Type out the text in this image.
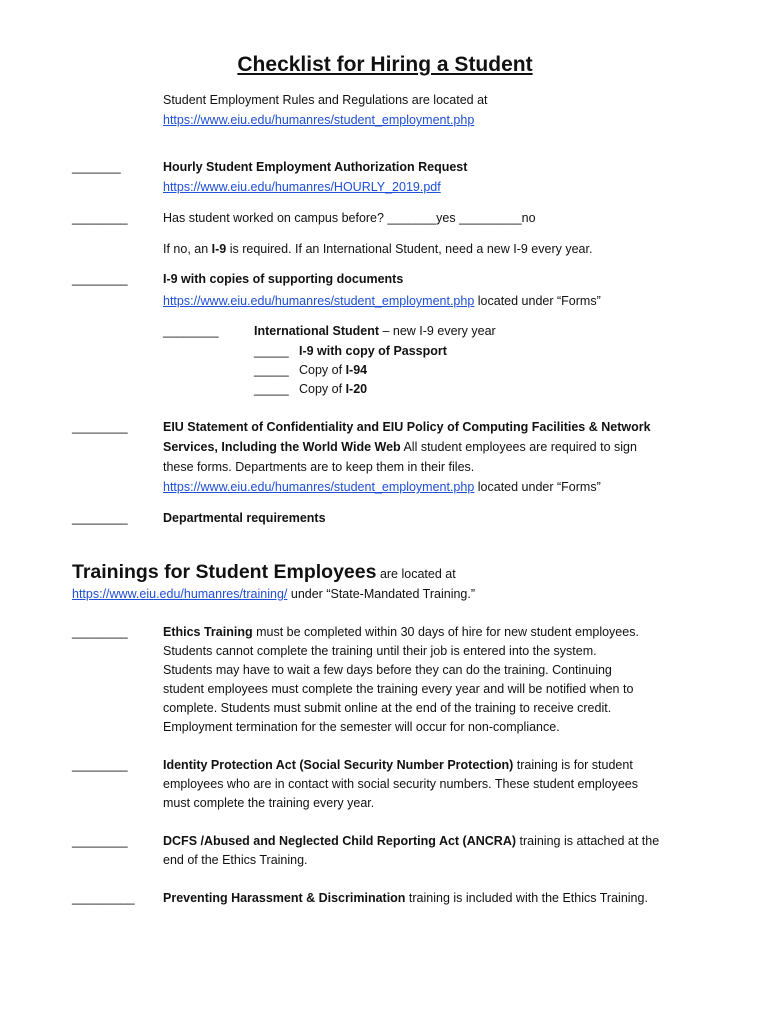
Checklist for Hiring a Student
Student Employment Rules and Regulations are located at
https://www.eiu.edu/humanres/student_employment.php
_______	Hourly Student Employment Authorization Request
https://www.eiu.edu/humanres/HOURLY_2019.pdf
________	Has student worked on campus before? _______yes _________no
If no, an I-9 is required. If an International Student, need a new I-9 every year.
________	I-9 with copies of supporting documents
https://www.eiu.edu/humanres/student_employment.php located under “Forms”
________	International Student – new I-9 every year
_____ I-9 with copy of Passport
_____ Copy of I-94
_____ Copy of I-20
________	EIU Statement of Confidentiality and EIU Policy of Computing Facilities & Network
Services, Including the World Wide Web All student employees are required to sign
these forms. Departments are to keep them in their files.
https://www.eiu.edu/humanres/student_employment.php located under “Forms”
________	Departmental requirements
Trainings for Student Employees are located at
https://www.eiu.edu/humanres/training/ under “State-Mandated Training.”
________	Ethics Training must be completed within 30 days of hire for new student employees.
Students cannot complete the training until their job is entered into the system.
Students may have to wait a few days before they can do the training. Continuing
student employees must complete the training every year and will be notified when to
complete. Students must submit online at the end of the training to receive credit.
Employment termination for the semester will occur for non-compliance.
________	Identity Protection Act (Social Security Number Protection) training is for student
employees who are in contact with social security numbers. These student employees
must complete the training every year.
________	DCFS /Abused and Neglected Child Reporting Act (ANCRA) training is attached at the
end of the Ethics Training.
_________ Preventing Harassment & Discrimination training is included with the Ethics Training.
